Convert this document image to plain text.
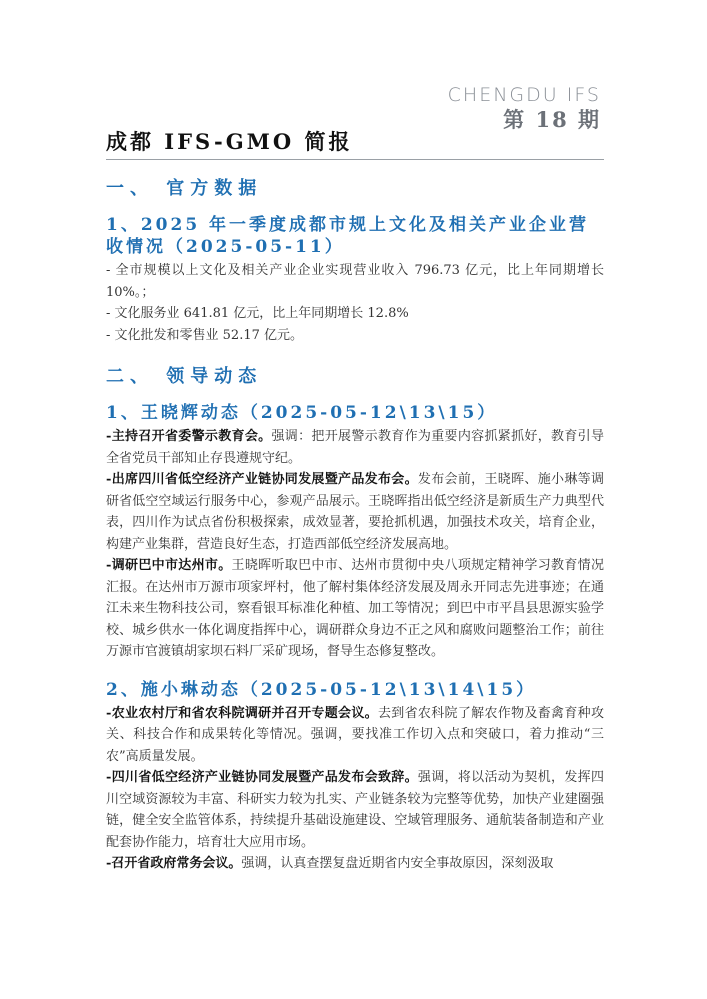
CHENGDU IFS
第 18 期
成都 IFS-GMO 简报
一、 官方数据
1、2025 年一季度成都市规上文化及相关产业企业营收情况（2025-05-11）

- 全市规模以上文化及相关产业企业实现营业收入 796.73 亿元，比上年同期增长 10%。；

- 文化服务业 641.81 亿元，比上年同期增长 12.8%

- 文化批发和零售业 52.17 亿元。

二、 领导动态
1、王晓辉动态（2025-05-12\13\15）

-主持召开省委警示教育会。强调：把开展警示教育作为重要内容抓紧抓好，教育引导全省党员干部知止存畏遵规守纪。

-出席四川省低空经济产业链协同发展暨产品发布会。发布会前，王晓晖、施小琳等调研省低空空域运行服务中心，参观产品展示。王晓晖指出低空经济是新质生产力典型代表，四川作为试点省份积极探索，成效显著，要抢抓机遇，加强技术攻关，培育企业，构建产业集群，营造良好生态，打造西部低空经济发展高地。

-调研巴中市达州市。王晓晖听取巴中市、达州市贯彻中央八项规定精神学习教育情况汇报。在达州市万源市项家坪村，他了解村集体经济发展及周永开同志先进事迹；在通江未来生物科技公司，察看银耳标准化种植、加工等情况；到巴中市平昌县思源实验学校、城乡供水一体化调度指挥中心，调研群众身边不正之风和腐败问题整治工作；前往万源市官渡镇胡家坝石料厂采矿现场，督导生态修复整改。

2、施小琳动态（2025-05-12\13\14\15）

-农业农村厅和省农科院调研并召开专题会议。去到省农科院了解农作物及畜禽育种攻关、科技合作和成果转化等情况。强调，要找准工作切入点和突破口，着力推动“三农”高质量发展。

-四川省低空经济产业链协同发展暨产品发布会致辞。强调，将以活动为契机，发挥四川空域资源较为丰富、科研实力较为扎实、产业链条较为完整等优势，加快产业建圈强链，健全安全监管体系，持续提升基础设施建设、空域管理服务、通航装备制造和产业配套协作能力，培育壮大应用市场。

-召开省政府常务会议。强调，认真查摆复盘近期省内安全事故原因，深刻汲取
